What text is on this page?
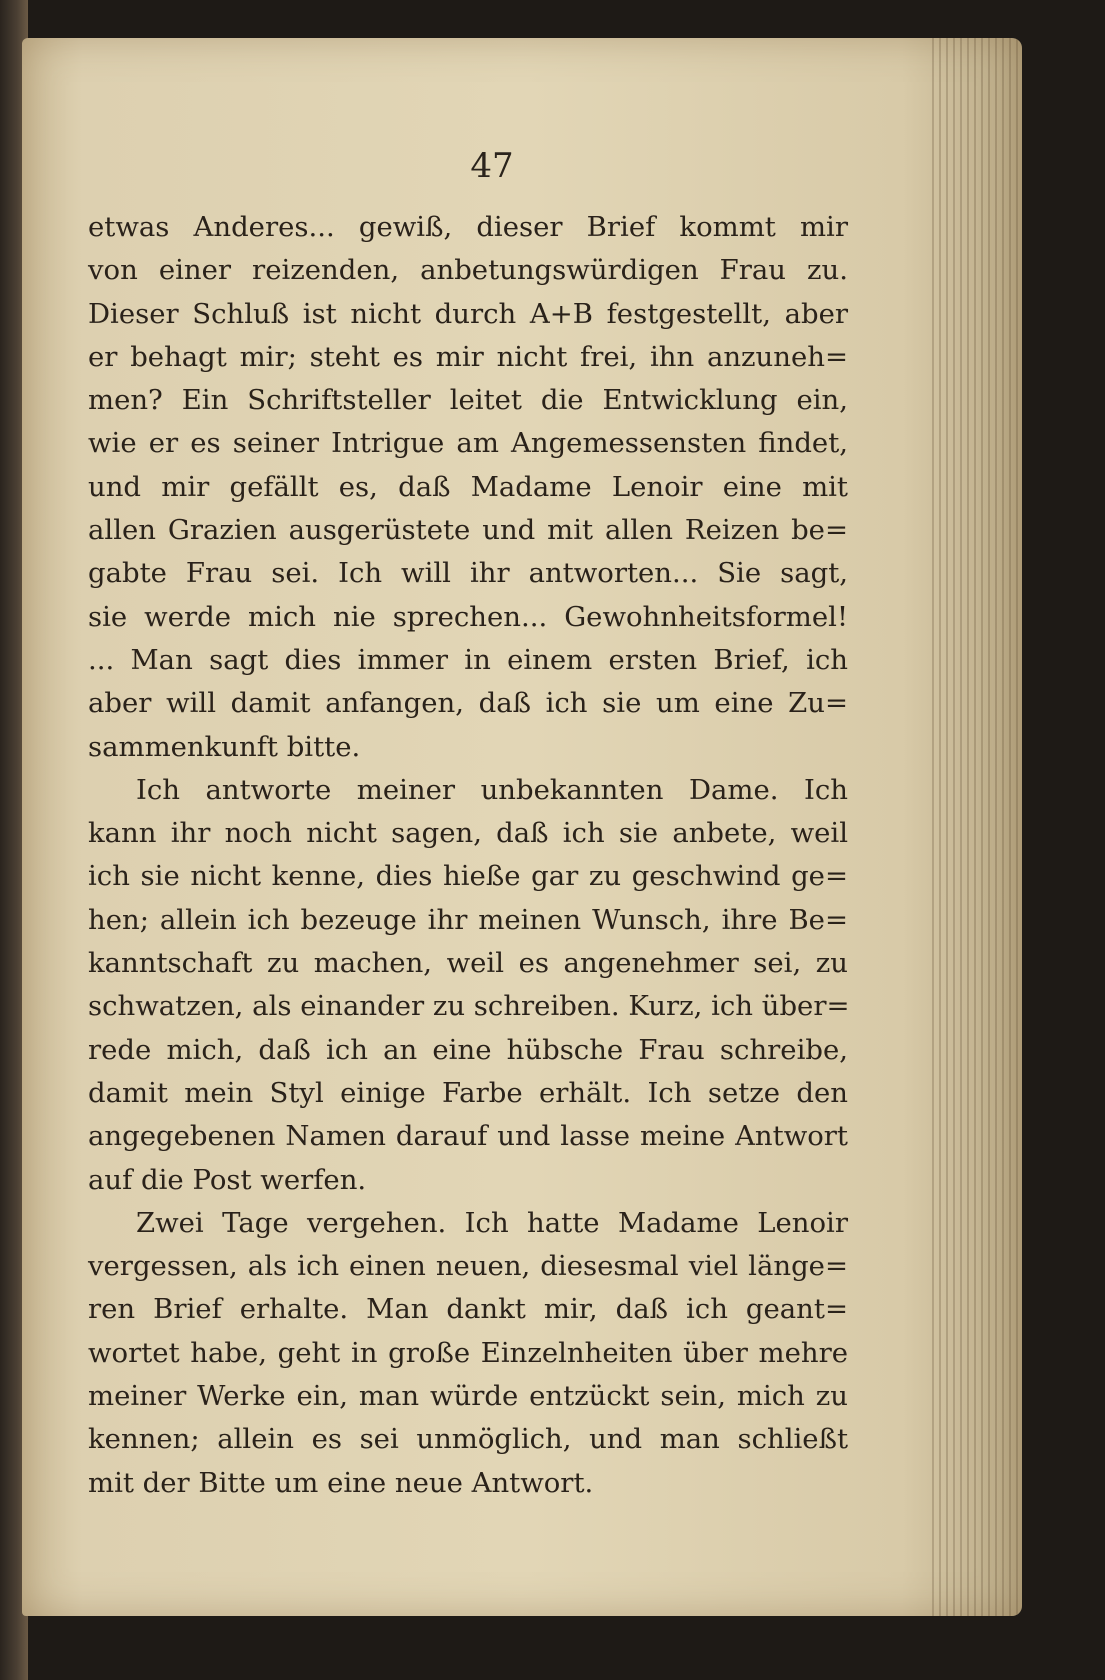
47
etwas Anderes... gewiß, dieser Brief kommt mir
von einer reizenden, anbetungswürdigen Frau zu.
Dieser Schluß ist nicht durch A+B festgestellt, aber
er behagt mir; steht es mir nicht frei, ihn anzuneh=
men? Ein Schriftsteller leitet die Entwicklung ein,
wie er es seiner Intrigue am Angemessensten findet,
und mir gefällt es, daß Madame Lenoir eine mit
allen Grazien ausgerüstete und mit allen Reizen be=
gabte Frau sei. Ich will ihr antworten... Sie sagt,
sie werde mich nie sprechen... Gewohnheitsformel!
... Man sagt dies immer in einem ersten Brief, ich
aber will damit anfangen, daß ich sie um eine Zu=
sammenkunft bitte.
Ich antworte meiner unbekannten Dame. Ich
kann ihr noch nicht sagen, daß ich sie anbete, weil
ich sie nicht kenne, dies hieße gar zu geschwind ge=
hen; allein ich bezeuge ihr meinen Wunsch, ihre Be=
kanntschaft zu machen, weil es angenehmer sei, zu
schwatzen, als einander zu schreiben. Kurz, ich über=
rede mich, daß ich an eine hübsche Frau schreibe,
damit mein Styl einige Farbe erhält. Ich setze den
angegebenen Namen darauf und lasse meine Antwort
auf die Post werfen.
Zwei Tage vergehen. Ich hatte Madame Lenoir
vergessen, als ich einen neuen, diesesmal viel länge=
ren Brief erhalte. Man dankt mir, daß ich geant=
wortet habe, geht in große Einzelnheiten über mehre
meiner Werke ein, man würde entzückt sein, mich zu
kennen; allein es sei unmöglich, und man schließt
mit der Bitte um eine neue Antwort.
